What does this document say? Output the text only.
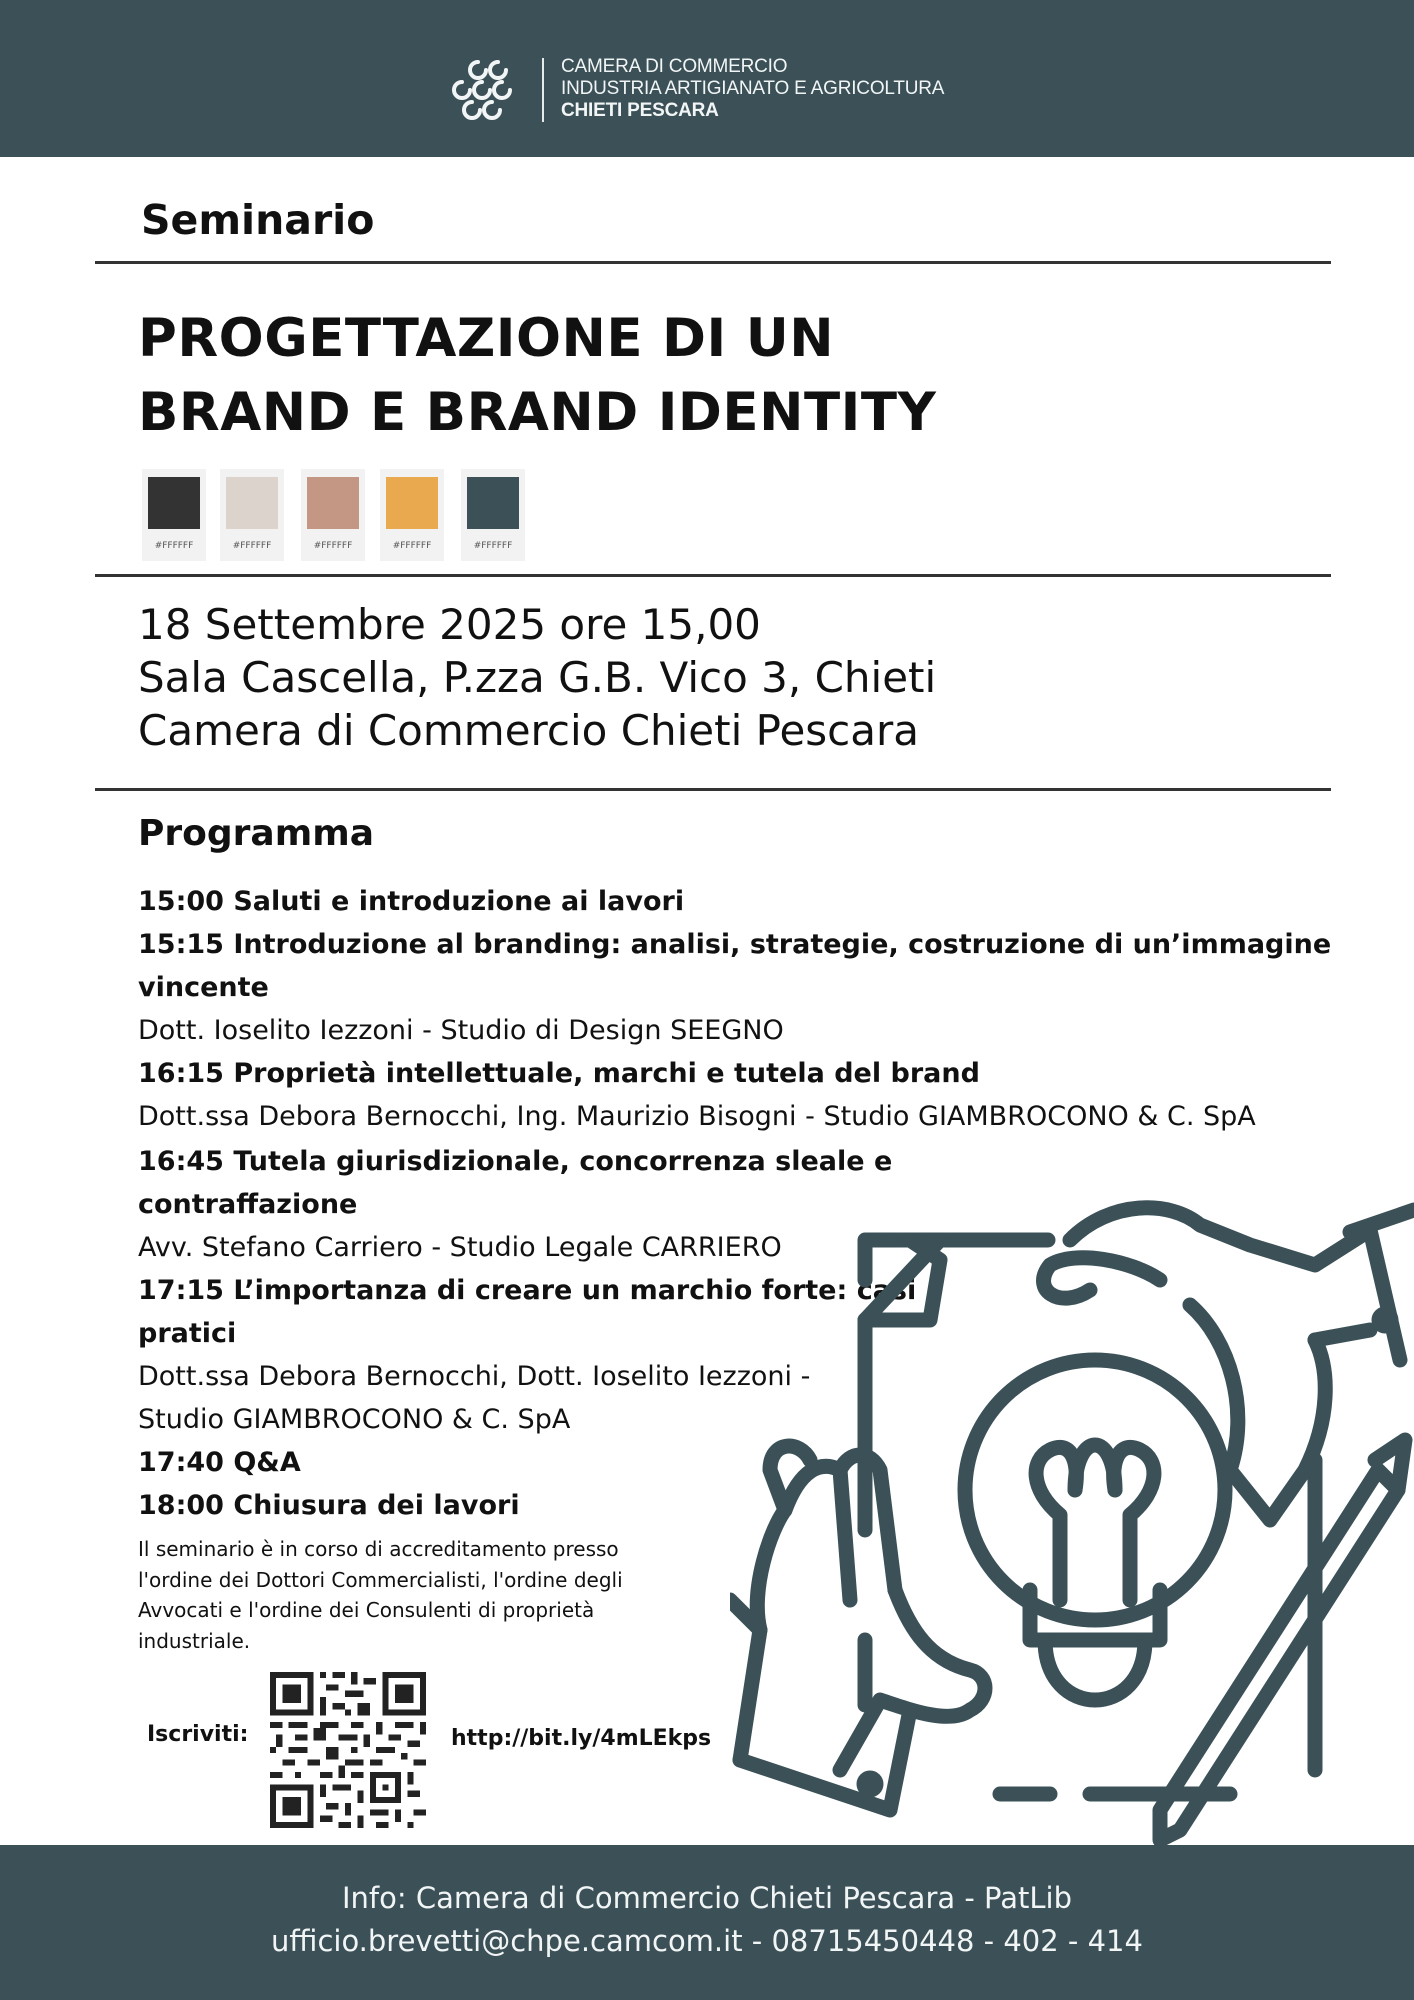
CAMERA DI COMMERCIO
INDUSTRIA ARTIGIANATO E AGRICOLTURA
CHIETI PESCARA
Seminario
PROGETTAZIONE DI UN
BRAND E BRAND IDENTITY
#FFFFFF	#FFFFFF	#FFFFFF	#FFFFFF	#FFFFFF
18 Settembre 2025 ore 15,00
Sala Cascella, P.zza G.B. Vico 3, Chieti
Camera di Commercio Chieti Pescara
Programma

15:00 Saluti e introduzione ai lavori

15:15 Introduzione al branding: analisi, strategie, costruzione di un’immagine

vincente

Dott. Ioselito Iezzoni - Studio di Design SEEGNO

16:15 Proprietà intellettuale, marchi e tutela del brand

Dott.ssa Debora Bernocchi, Ing. Maurizio Bisogni - Studio GIAMBROCONO & C. SpA

16:45 Tutela giurisdizionale, concorrenza sleale e

contraffazione

Avv. Stefano Carriero - Studio Legale CARRIERO

17:15 L’importanza di creare un marchio forte: casi

pratici

Dott.ssa Debora Bernocchi, Dott. Ioselito Iezzoni -

Studio GIAMBROCONO & C. SpA

17:40 Q&A

18:00 Chiusura dei lavori

Il seminario è in corso di accreditamento presso
l'ordine dei Dottori Commercialisti, l'ordine degli
Avvocati e l'ordine dei Consulenti di proprietà
industriale.
Iscriviti:	http://bit.ly/4mLEkps
Info: Camera di Commercio Chieti Pescara - PatLib
ufficio.brevetti@chpe.camcom.it - 08715450448 - 402 - 414
